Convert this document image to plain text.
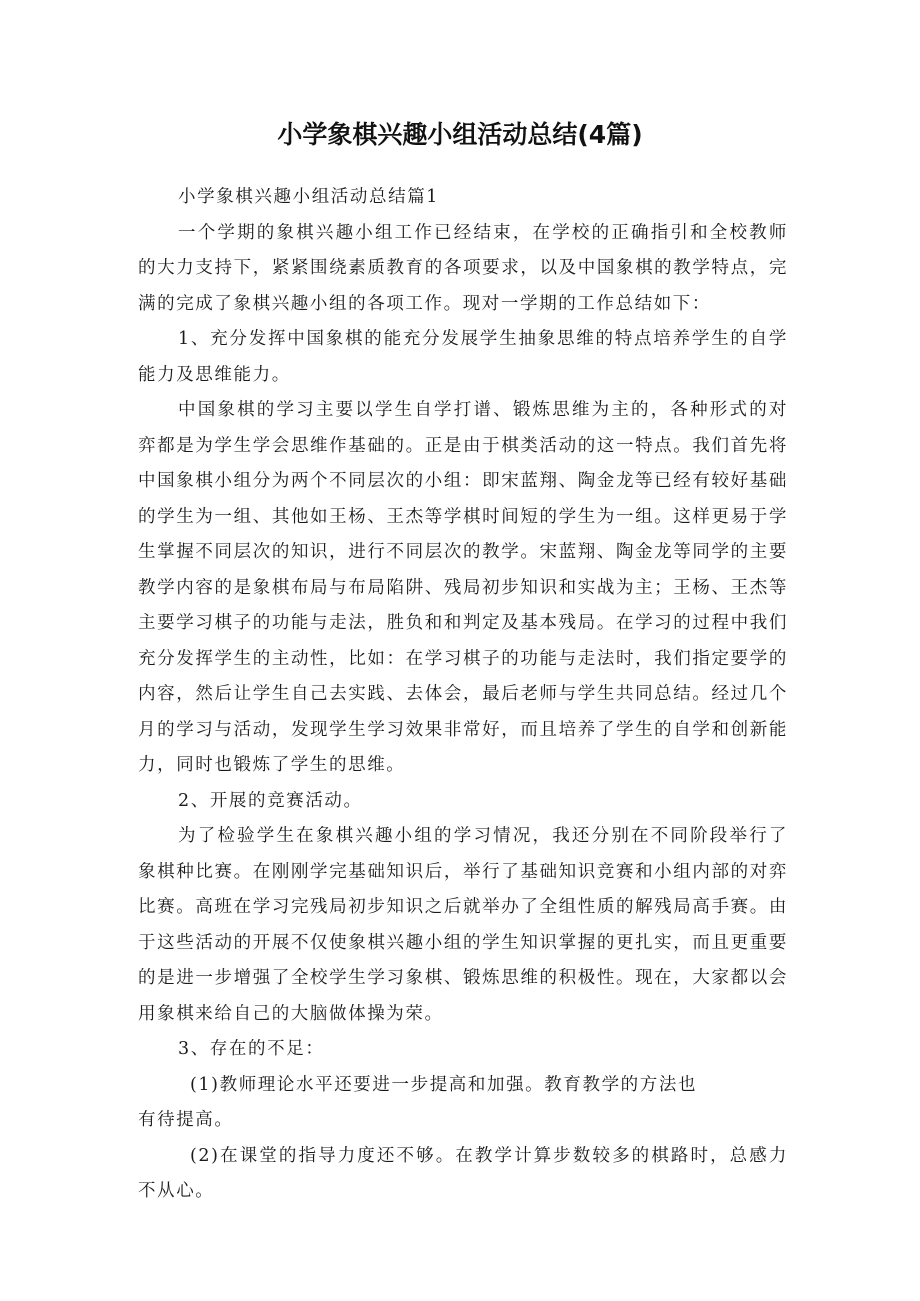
小学象棋兴趣小组活动总结(4篇)

小学象棋兴趣小组活动总结篇1

一个学期的象棋兴趣小组工作已经结束，在学校的正确指引和全校教师的大力支持下，紧紧围绕素质教育的各项要求，以及中国象棋的教学特点，完满的完成了象棋兴趣小组的各项工作。现对一学期的工作总结如下：

1、充分发挥中国象棋的能充分发展学生抽象思维的特点培养学生的自学能力及思维能力。

中国象棋的学习主要以学生自学打谱、锻炼思维为主的，各种形式的对弈都是为学生学会思维作基础的。正是由于棋类活动的这一特点。我们首先将中国象棋小组分为两个不同层次的小组：即宋蓝翔、陶金龙等已经有较好基础的学生为一组、其他如王杨、王杰等学棋时间短的学生为一组。这样更易于学生掌握不同层次的知识，进行不同层次的教学。宋蓝翔、陶金龙等同学的主要教学内容的是象棋布局与布局陷阱、残局初步知识和实战为主；王杨、王杰等主要学习棋子的功能与走法，胜负和和判定及基本残局。在学习的过程中我们充分发挥学生的主动性，比如：在学习棋子的功能与走法时，我们指定要学的内容，然后让学生自己去实践、去体会，最后老师与学生共同总结。经过几个月的学习与活动，发现学生学习效果非常好，而且培养了学生的自学和创新能力，同时也锻炼了学生的思维。

2、开展的竞赛活动。

为了检验学生在象棋兴趣小组的学习情况，我还分别在不同阶段举行了象棋种比赛。在刚刚学完基础知识后，举行了基础知识竞赛和小组内部的对弈比赛。高班在学习完残局初步知识之后就举办了全组性质的解残局高手赛。由于这些活动的开展不仅使象棋兴趣小组的学生知识掌握的更扎实，而且更重要的是进一步增强了全校学生学习象棋、锻炼思维的积极性。现在，大家都以会用象棋来给自己的大脑做体操为荣。

3、存在的不足：

(1)教师理论水平还要进一步提高和加强。教育教学的方法也

有待提高。

(2)在课堂的指导力度还不够。在教学计算步数较多的棋路时，总感力不从心。
